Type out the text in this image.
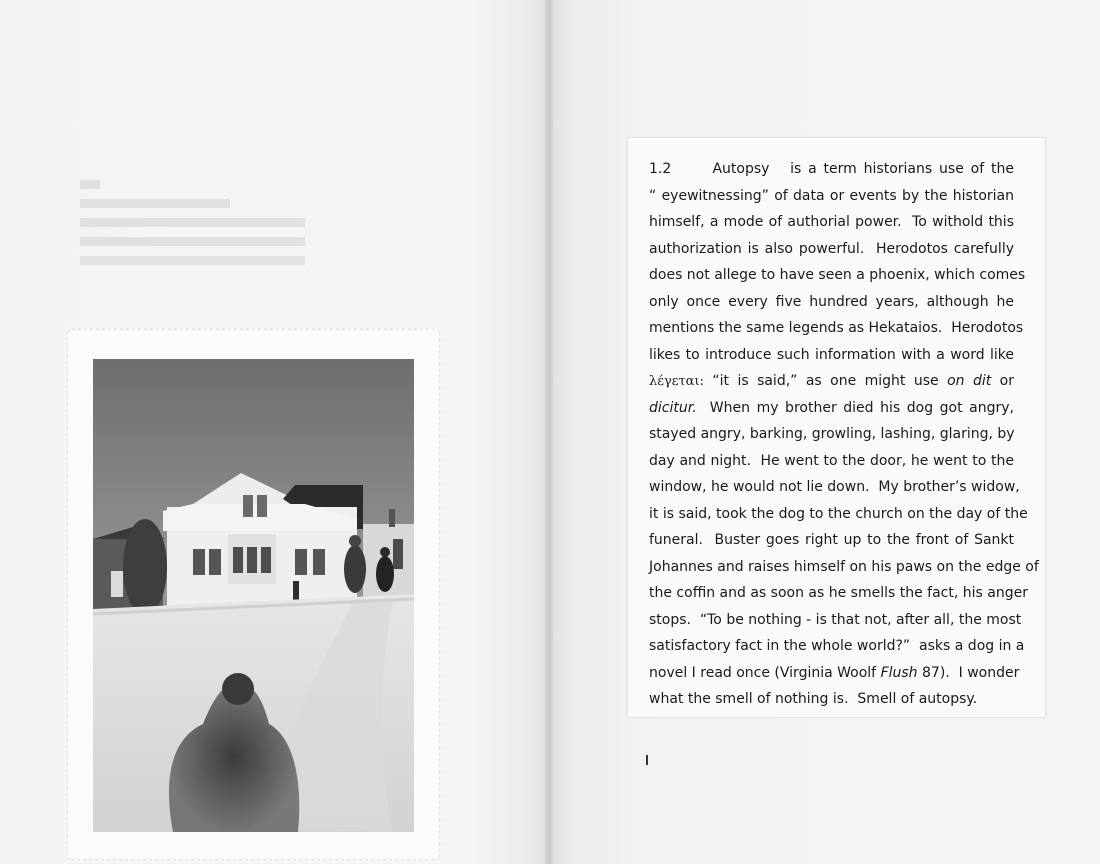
1.2	Autopsy is a term historians use of the
“ eyewitnessing” of data or events by the historian
himself, a mode of authorial power.  To withold this
authorization is also powerful.  Herodotos carefully
does not allege to have seen a phoenix, which comes
only once every five hundred years, although he
mentions the same legends as Hekataios.  Herodotos
likes to introduce such information with a word like
λέγεται: “it is said,” as one might use on dit or
dicitur. When my brother died his dog got angry,
stayed angry, barking, growling, lashing, glaring, by
day and night.  He went to the door, he went to the
window, he would not lie down.  My brother’s widow,
it is said, took the dog to the church on the day of the
funeral.  Buster goes right up to the front of Sankt
Johannes and raises himself on his paws on the edge of
the coffin and as soon as he smells the fact, his anger
stops.  “To be nothing - is that not, after all, the most
satisfactory fact in the whole world?”  asks a dog in a
novel I read once (Virginia Woolf Flush 87).  I wonder
what the smell of nothing is.  Smell of autopsy.
